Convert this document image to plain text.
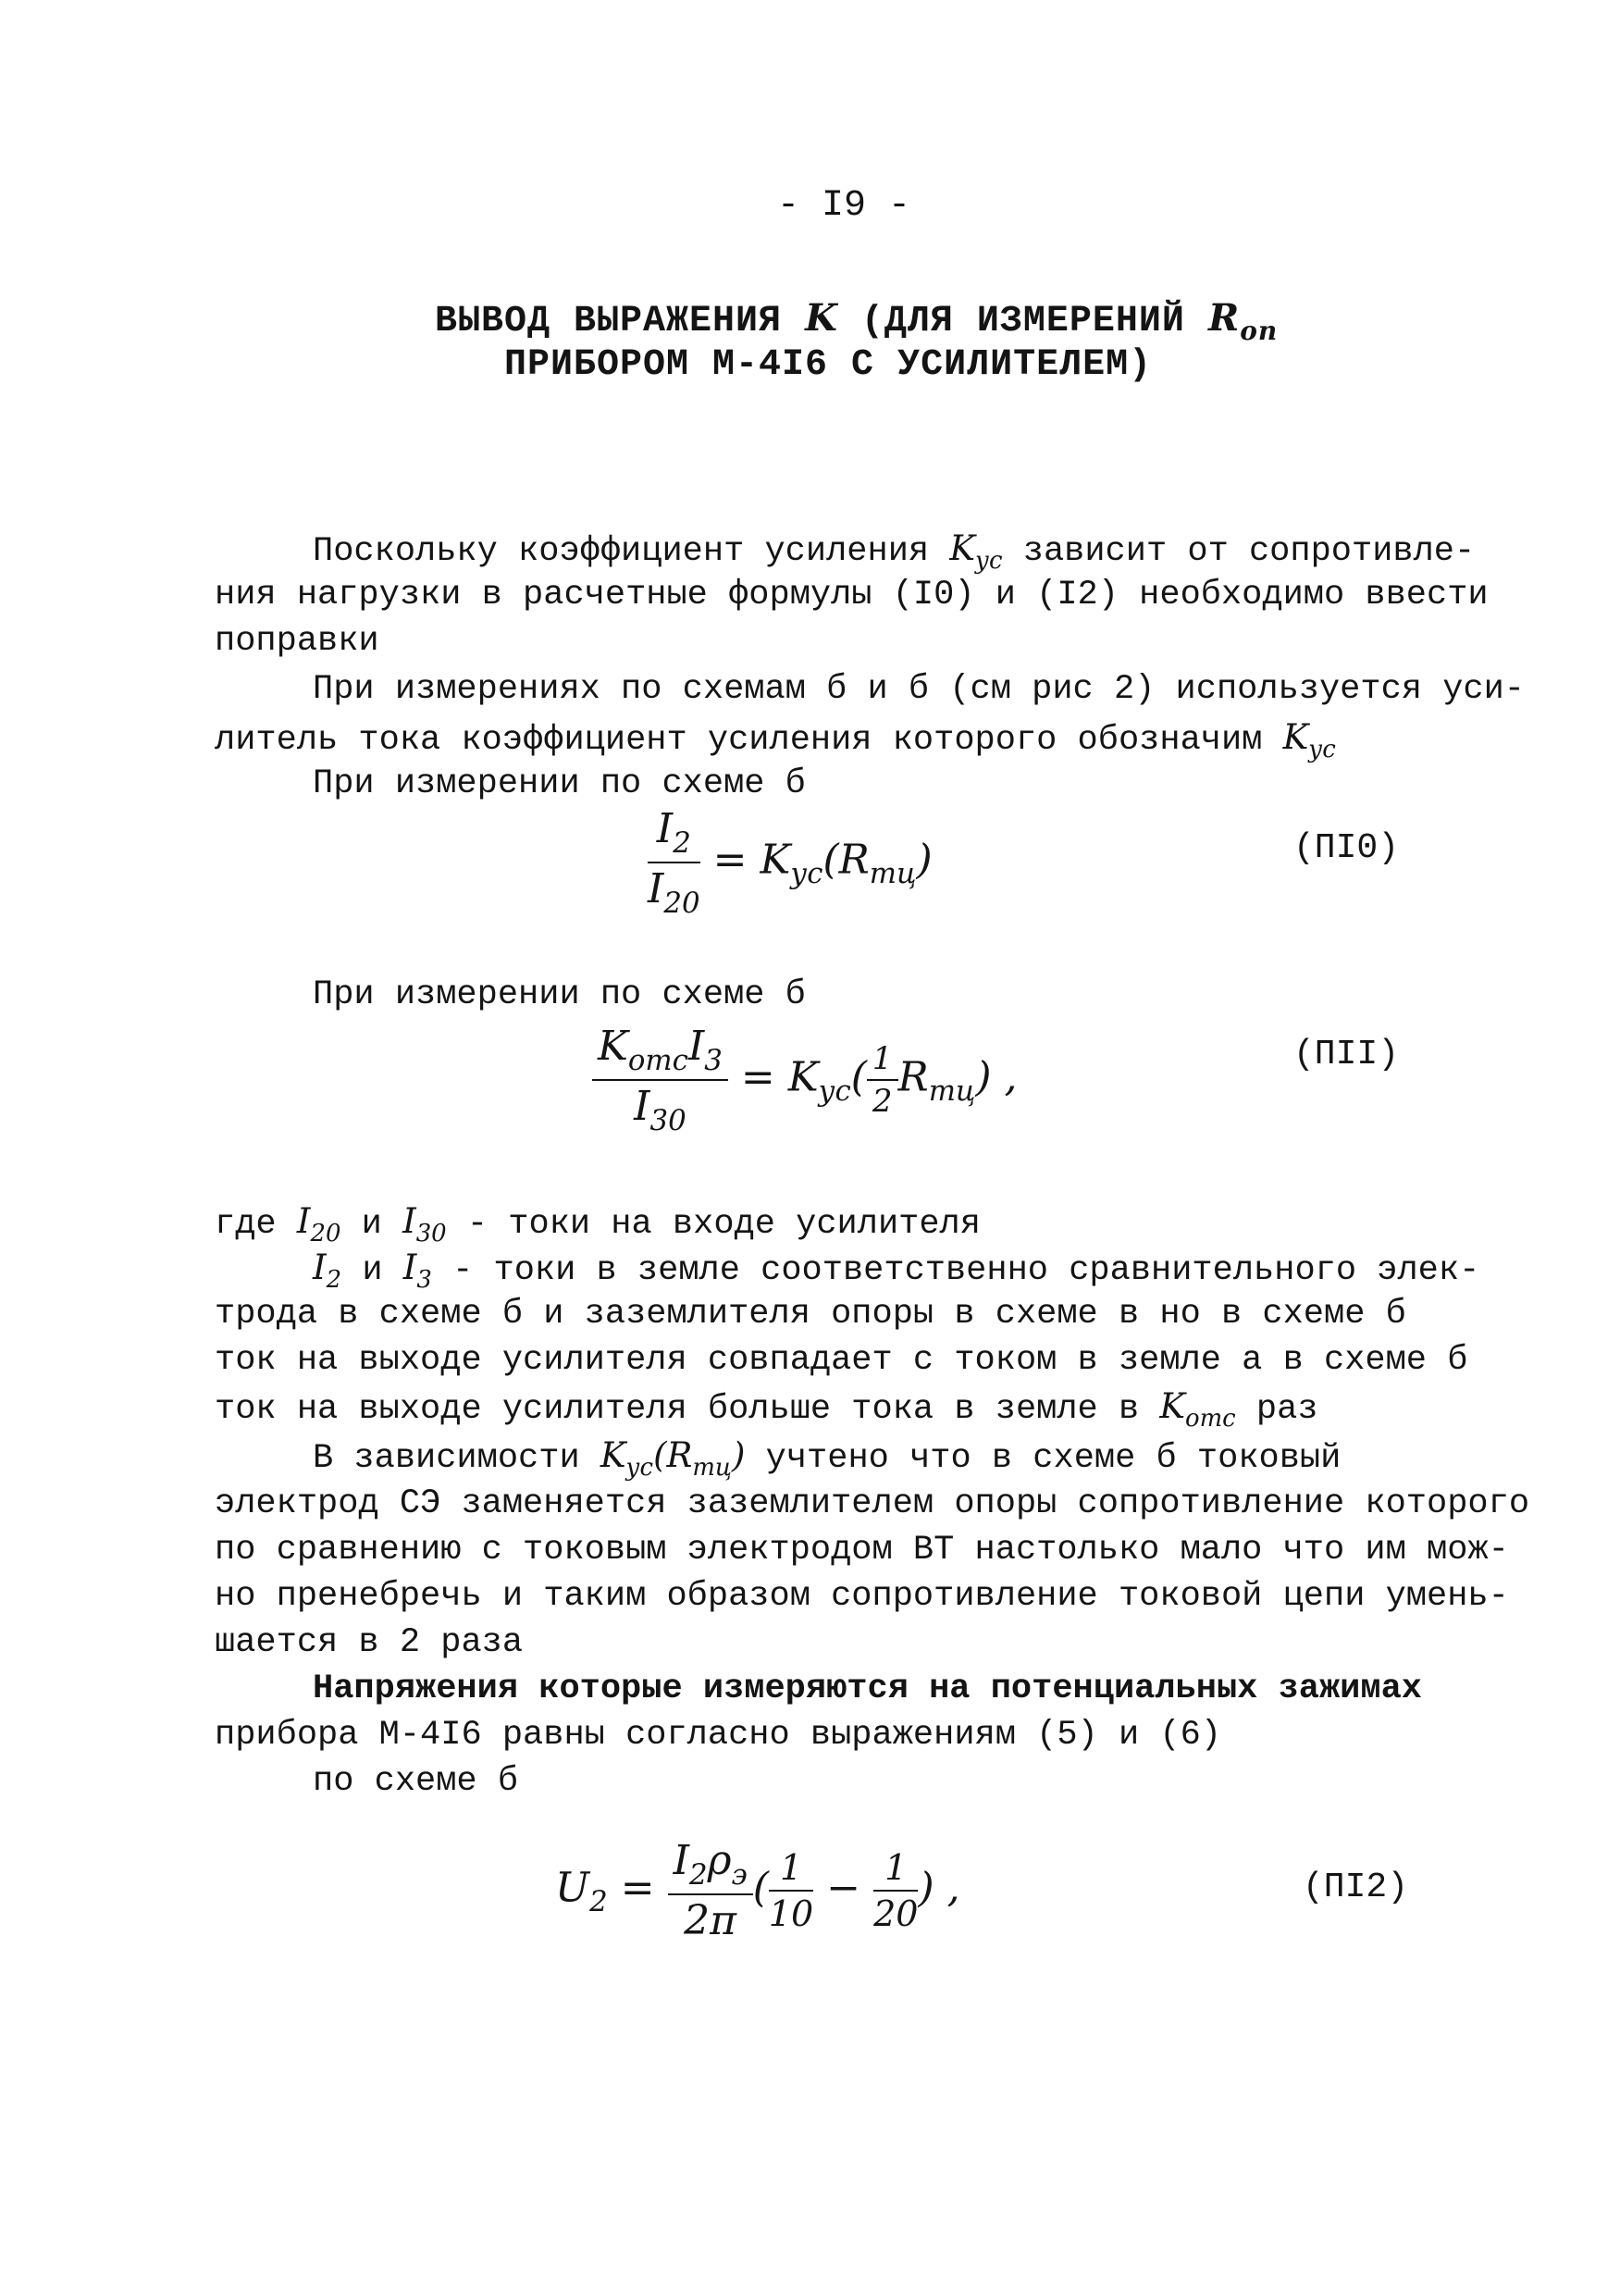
- I9 -
ВЫВОД ВЫРАЖЕНИЯ K (ДЛЯ ИЗМЕРЕНИЙ $R_{оп}$
ПРИБОРОМ М-4I6 С УСИЛИТЕЛЕМ)
Поскольку коэффициент усиления $K_{ус}$ зависит от сопротивле-
ния нагрузки в расчетные формулы (I0) и (I2) необходимо ввести
поправки
При измерениях по схемам б и б (см рис 2) используется уси-
литель тока коэффициент усиления которого обозначим $K_{ус}$
При измерении по схеме б
$\frac{I_2}{I_{20}} = K_{ус}(R_{тц})$	(ПI0)
При измерении по схеме б
$\frac{K_{отс}I_3}{I_{30}} = K_{ус}( \frac{1}{2} R_{тц})$ ,	(ПII)
где $I_{20}$ и $I_{30}$ - токи на входе усилителя
$I_2$ и $I_3$ - токи в земле соответственно сравнительного элек-
трода в схеме б и заземлителя опоры в схеме в но в схеме б
ток на выходе усилителя совпадает с током в земле а в схеме б
ток на выходе усилителя больше тока в земле в $K_{отс}$ раз
В зависимости $K_{ус}(R_{тц})$ учтено что в схеме б токовый
электрод СЭ заменяется заземлителем опоры сопротивление которого
по сравнению с токовым электродом ВТ настолько мало что им мож-
но пренебречь и таким образом сопротивление токовой цепи умень-
шается в 2 раза
Напряжения которые измеряются на потенциальных зажимах
прибора М-4I6 равны согласно выражениям (5) и (6)
по схеме б
$U_2 = \frac{I_2\rho_э}{2\pi}$ ( $\frac{1}{10} - \frac{1}{20}$ ) ,	(ПI2)
